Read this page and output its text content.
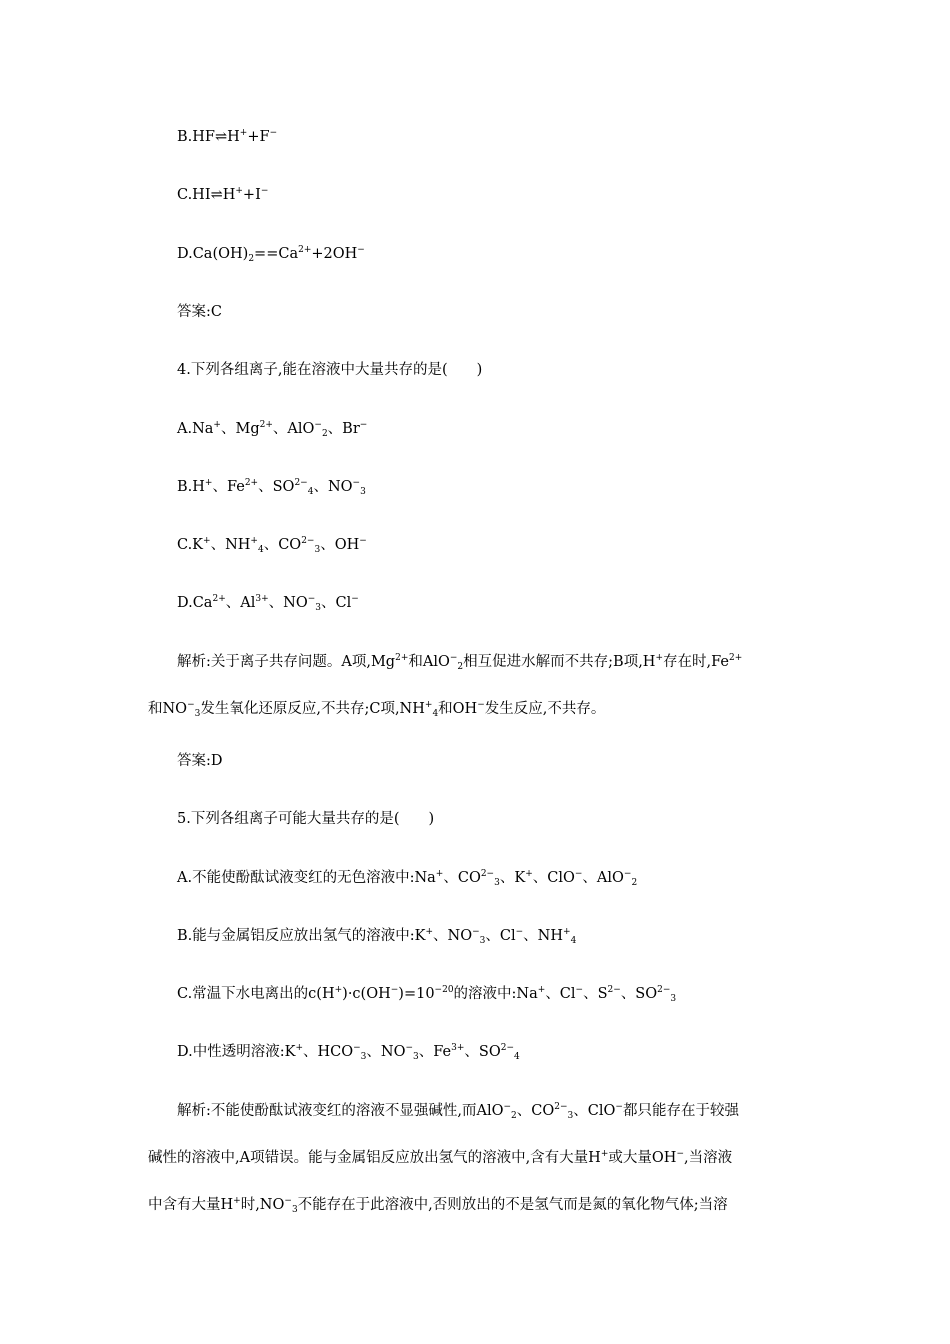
B.HF⇌H++F−
C.HI⇌H++I−
$D.Ca(OH)_2==Ca^{2+}+2OH^-$
答案:C
4.下列各组离子,能在溶液中大量共存的是(　　)
A.Na+、$Mg^{2+}$、AlO−$_2$、Br−
B.H+、$Fe^{2+}$、$SO^{2-}_4$、$NO^-_3$
C.K+、$NH^+_4$、$CO^{2-}_3$、OH−
$D.Ca^{2+}$、$Al^{3+}$、$NO^-_3$、Cl−
解析:关于离子共存问题。A项$,Mg^{2+}$和AlO−$_2$相互促进水解而不共存;B项,H+存在时$,Fe^{2+}$
和$NO^-_3$发生氧化还原反应,不共存;C项$,NH^+_4$和OH−发生反应,不共存。
答案:D
5.下列各组离子可能大量共存的是(　　)
A.不能使酚酞试液变红的无色溶液中:Na+、$CO^{2-}_3$、K+、ClO−、AlO−$_2$
B.能与金属铝反应放出氢气的溶液中:K+、$NO^-_3$、Cl−、$NH^+_4$
C.常温下水电离出的$c(H^+)\cdot c(OH^-)=10^{-20}$的溶液中:Na+、Cl−、$S^{2-}$、$SO^{2-}_3$
D.中性透明溶液:K+、$HCO^-_3$、$NO^-_3$、$Fe^{3+}$、$SO^{2-}_4$
解析:不能使酚酞试液变红的溶液不显强碱性,而AlO−$_2$、$CO^{2-}_3$、ClO−都只能存在于较强
碱性的溶液中,A项错误。能与金属铝反应放出氢气的溶液中,含有大量H+或大量OH−,当溶液
中含有大量H+时$,NO^-_3$不能存在于此溶液中,否则放出的不是氢气而是氮的氧化物气体;当溶
